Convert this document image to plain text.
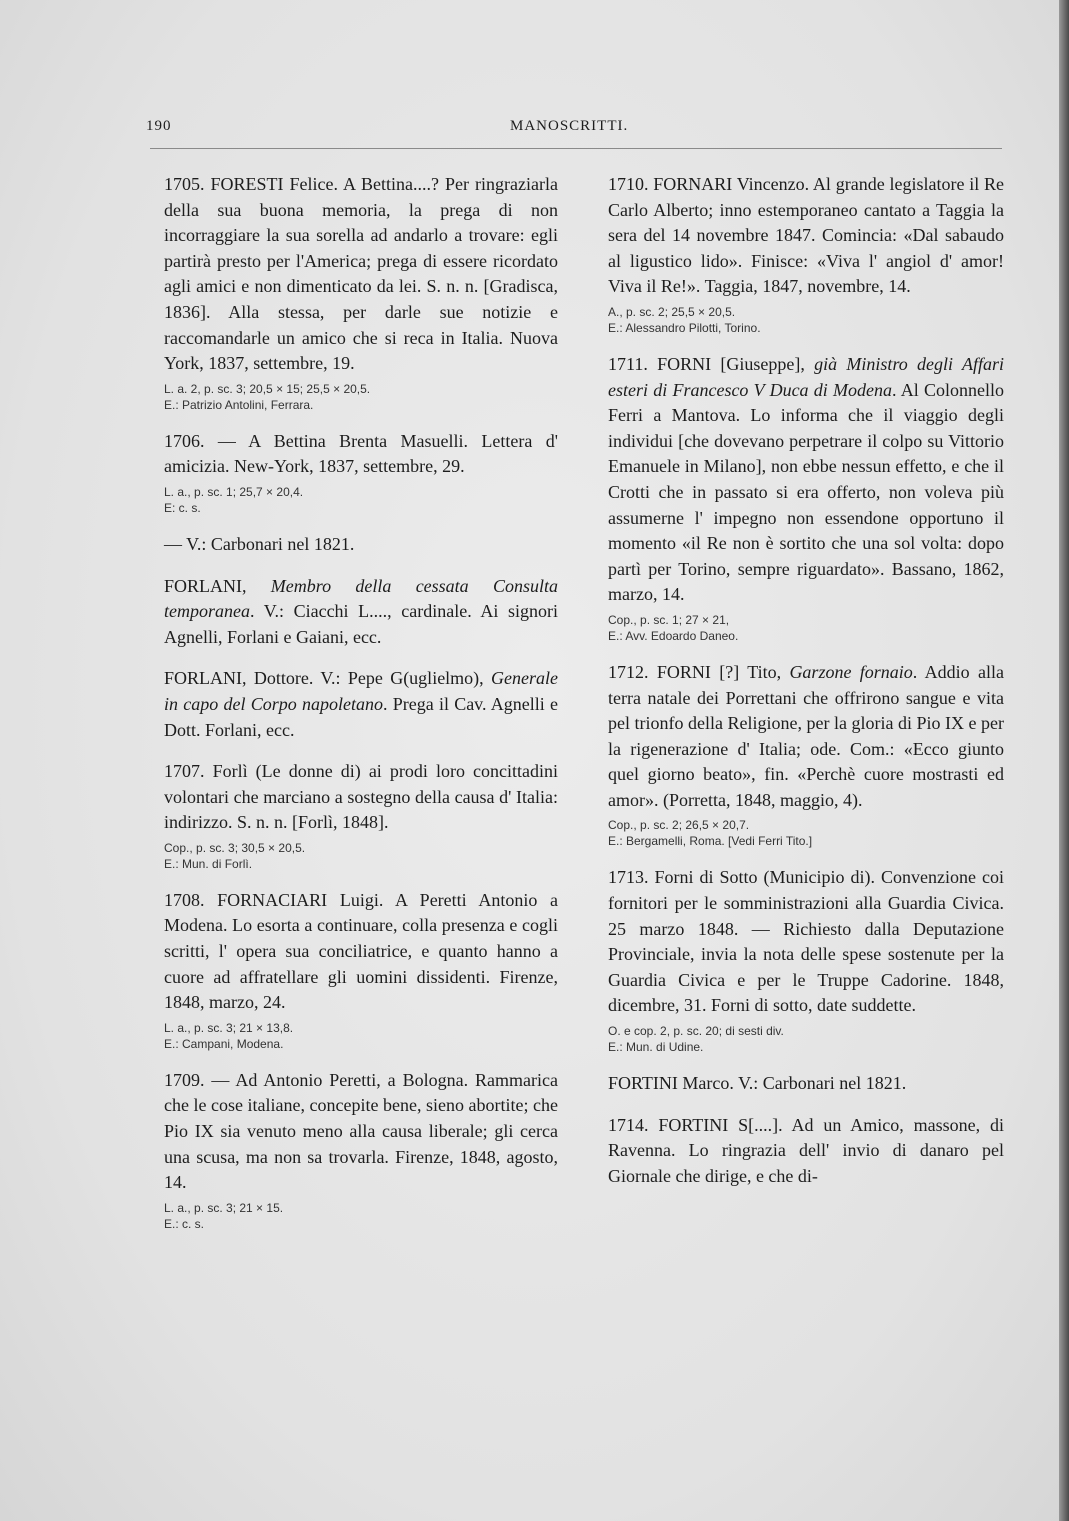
190	MANOSCRITTI.

1705. FORESTI Felice. A Bettina....? Per ringraziarla della sua buona memoria, la prega di non incorraggiare la sua sorella ad andarlo a trovare: egli partirà presto per l'America; prega di essere ricordato agli amici e non dimenticato da lei. S. n. n. [Gradisca, 1836]. Alla stessa, per darle sue notizie e raccomandarle un amico che si reca in Italia. Nuova York, 1837, settembre, 19.

L. a. 2, p. sc. 3; 20,5 × 15; 25,5 × 20,5.
E.: Patrizio Antolini, Ferrara.

1706. — A Bettina Brenta Masuelli. Lettera d' amicizia. New-York, 1837, settembre, 29.

L. a., p. sc. 1; 25,7 × 20,4.
E: c. s.

— V.: Carbonari nel 1821.

FORLANI, Membro della cessata Consulta temporanea. V.: Ciacchi L...., cardinale. Ai signori Agnelli, Forlani e Gaiani, ecc.

FORLANI, Dottore. V.: Pepe G(uglielmo), Generale in capo del Corpo napoletano. Prega il Cav. Agnelli e Dott. Forlani, ecc.

1707. Forlì (Le donne di) ai prodi loro concittadini volontari che marciano a sostegno della causa d' Italia: indirizzo. S. n. n. [Forlì, 1848].

Cop., p. sc. 3; 30,5 × 20,5.
E.: Mun. di Forlì.

1708. FORNACIARI Luigi. A Peretti Antonio a Modena. Lo esorta a continuare, colla presenza e cogli scritti, l' opera sua conciliatrice, e quanto hanno a cuore ad affratellare gli uomini dissidenti. Firenze, 1848, marzo, 24.

L. a., p. sc. 3; 21 × 13,8.
E.: Campani, Modena.

1709. — Ad Antonio Peretti, a Bologna. Rammarica che le cose italiane, concepite bene, sieno abortite; che Pio IX sia venuto meno alla causa liberale; gli cerca una scusa, ma non sa trovarla. Firenze, 1848, agosto, 14.

L. a., p. sc. 3; 21 × 15.
E.: c. s.

1710. FORNARI Vincenzo. Al grande legislatore il Re Carlo Alberto; inno estemporaneo cantato a Taggia la sera del 14 novembre 1847. Comincia: «Dal sabaudo al ligustico lido». Finisce: «Viva l' angiol d' amor! Viva il Re!». Taggia, 1847, novembre, 14.

A., p. sc. 2; 25,5 × 20,5.
E.: Alessandro Pilotti, Torino.

1711. FORNI [Giuseppe], già Ministro degli Affari esteri di Francesco V Duca di Modena. Al Colonnello Ferri a Mantova. Lo informa che il viaggio degli individui [che dovevano perpetrare il colpo su Vittorio Emanuele in Milano], non ebbe nessun effetto, e che il Crotti che in passato si era offerto, non voleva più assumerne l' impegno non essendone opportuno il momento «il Re non è sortito che una sol volta: dopo partì per Torino, sempre riguardato». Bassano, 1862, marzo, 14.

Cop., p. sc. 1; 27 × 21,
E.: Avv. Edoardo Daneo.

1712. FORNI [?] Tito, Garzone fornaio. Addio alla terra natale dei Porrettani che offrirono sangue e vita pel trionfo della Religione, per la gloria di Pio IX e per la rigenerazione d' Italia; ode. Com.: «Ecco giunto quel giorno beato», fin. «Perchè cuore mostrasti ed amor». (Porretta, 1848, maggio, 4).

Cop., p. sc. 2; 26,5 × 20,7.
E.: Bergamelli, Roma. [Vedi Ferri Tito.]

1713. Forni di Sotto (Municipio di). Convenzione coi fornitori per le somministrazioni alla Guardia Civica. 25 marzo 1848. — Richiesto dalla Deputazione Provinciale, invia la nota delle spese sostenute per la Guardia Civica e per le Truppe Cadorine. 1848, dicembre, 31. Forni di sotto, date suddette.

O. e cop. 2, p. sc. 20; di sesti div.
E.: Mun. di Udine.

FORTINI Marco. V.: Carbonari nel 1821.

1714. FORTINI S[....]. Ad un Amico, massone, di Ravenna. Lo ringrazia dell' invio di danaro pel Giornale che dirige, e che di-
